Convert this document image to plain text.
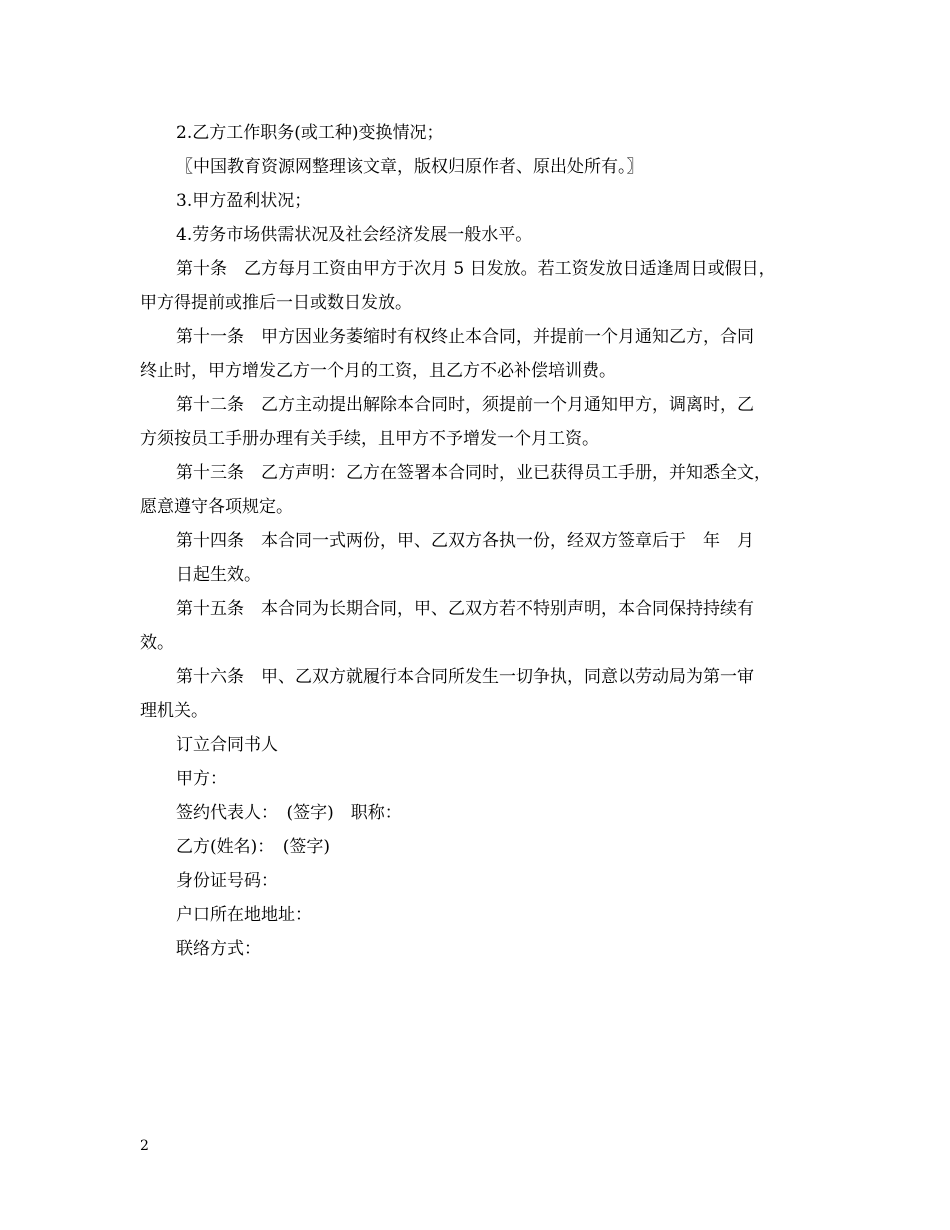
2.乙方工作职务(或工种)变换情况；

〖中国教育资源网整理该文章，版权归原作者、原出处所有。〗

3.甲方盈利状况；

4.劳务市场供需状况及社会经济发展一般水平。

第十条　乙方每月工资由甲方于次月 5 日发放。若工资发放日适逢周日或假日，

甲方得提前或推后一日或数日发放。

第十一条　甲方因业务萎缩时有权终止本合同，并提前一个月通知乙方，合同

终止时，甲方增发乙方一个月的工资，且乙方不必补偿培训费。

第十二条　乙方主动提出解除本合同时，须提前一个月通知甲方，调离时，乙

方须按员工手册办理有关手续，且甲方不予增发一个月工资。

第十三条　乙方声明：乙方在签署本合同时，业已获得员工手册，并知悉全文，

愿意遵守各项规定。

第十四条　本合同一式两份，甲、乙双方各执一份，经双方签章后于　年　月

日起生效。

第十五条　本合同为长期合同，甲、乙双方若不特别声明，本合同保持持续有

效。

第十六条　甲、乙双方就履行本合同所发生一切争执，同意以劳动局为第一审

理机关。

订立合同书人

甲方：

签约代表人：　(签字)　职称：

乙方(姓名)：　(签字)

身份证号码：

户口所在地地址：

联络方式：

2
